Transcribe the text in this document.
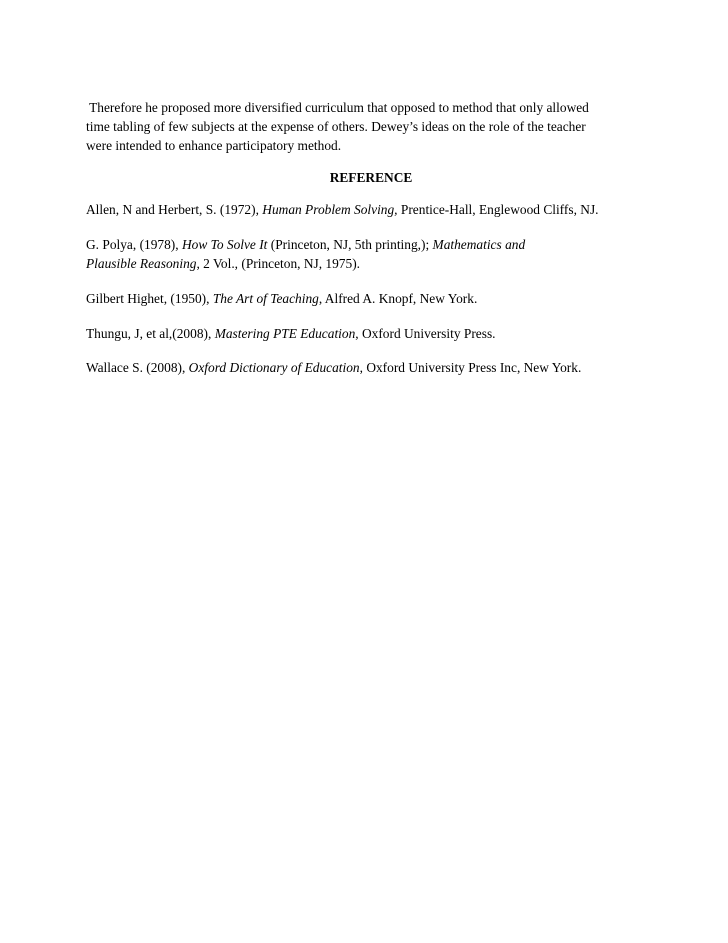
Therefore he proposed more diversified curriculum that opposed to method that only allowed
time tabling of few subjects at the expense of others. Dewey’s ideas on the role of the teacher
were intended to enhance participatory method.

REFERENCE

Allen, N and Herbert, S. (1972), Human Problem Solving, Prentice-Hall, Englewood Cliffs, NJ.

G. Polya, (1978), How To Solve It (Princeton, NJ, 5th printing,); Mathematics and
Plausible Reasoning, 2 Vol., (Princeton, NJ, 1975).

Gilbert Highet, (1950), The Art of Teaching, Alfred A. Knopf, New York.

Thungu, J, et al,(2008), Mastering PTE Education, Oxford University Press.

Wallace S. (2008), Oxford Dictionary of Education, Oxford University Press Inc, New York.
